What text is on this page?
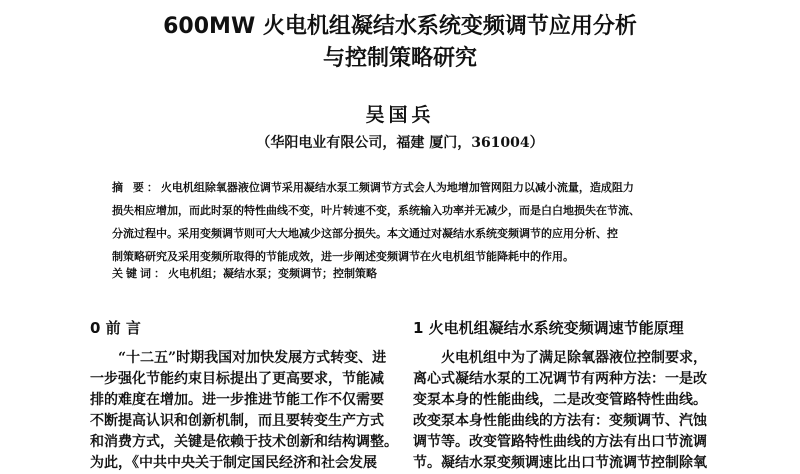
600MW 火电机组凝结水系统变频调节应用分析
与控制策略研究
吴国兵
（华阳电业有限公司，福建 厦门，361004）
摘 要：火电机组除氧器液位调节采用凝结水泵工频调节方式会人为地增加管网阻力以减小流量，造成阻力
损失相应增加，而此时泵的特性曲线不变，叶片转速不变，系统输入功率并无减少，而是白白地损失在节流、
分流过程中。采用变频调节则可大大地减少这部分损失。本文通过对凝结水系统变频调节的应用分析、控
制策略研究及采用变频所取得的节能成效，进一步阐述变频调节在火电机组节能降耗中的作用。
关键词：火电机组；凝结水泵；变频调节；控制策略
0 前 言	1 火电机组凝结水系统变频调速节能原理
“十二五”时期我国对加快发展方式转变、进
一步强化节能约束目标提出了更高要求，节能减
排的难度在增加。进一步推进节能工作不仅需要
不断提高认识和创新机制，而且要转变生产方式
和消费方式，关键是依赖于技术创新和结构调整。
为此，《中共中央关于制定国民经济和社会发展
火电机组中为了满足除氧器液位控制要求，
离心式凝结水泵的工况调节有两种方法：一是改
变泵本身的性能曲线，二是改变管路特性曲线。
改变泵本身性能曲线的方法有：变频调节、汽蚀
调节等。改变管路特性曲线的方法有出口节流调
节。凝结水泵变频调速比出口节流调节控制除氧
